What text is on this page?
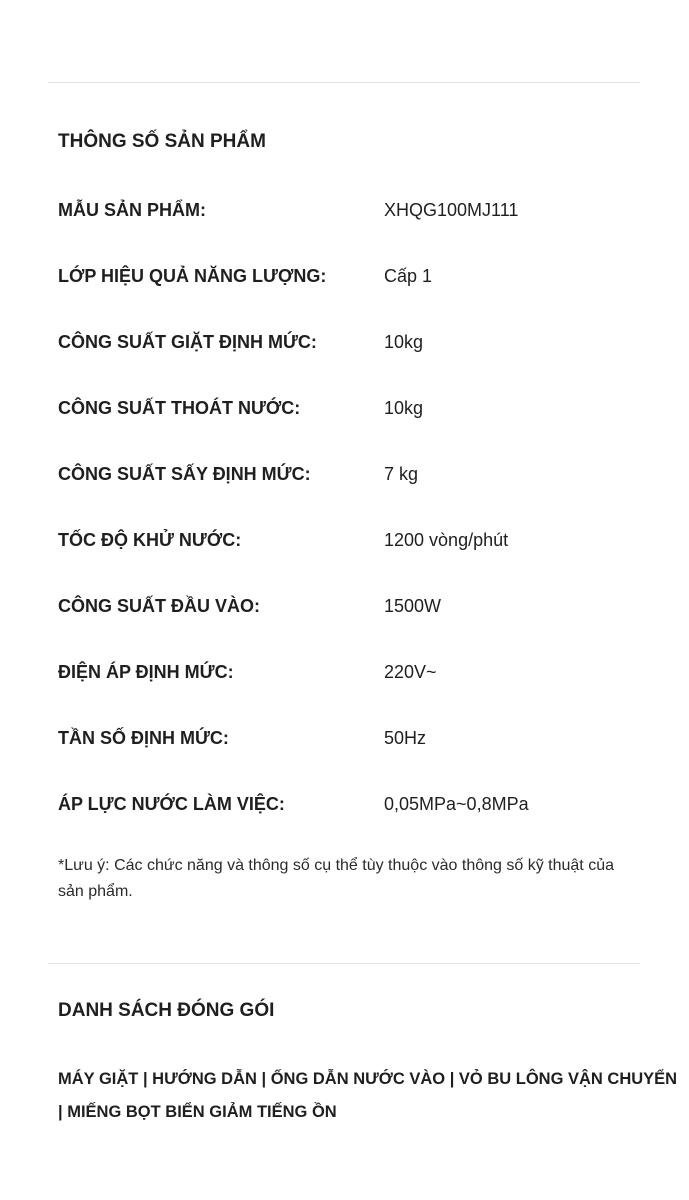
THÔNG SỐ SẢN PHẨM
MẪU SẢN PHẨM:	XHQG100MJ111
LỚP HIỆU QUẢ NĂNG LƯỢNG:	Cấp 1
CÔNG SUẤT GIẶT ĐỊNH MỨC:	10kg
CÔNG SUẤT THOÁT NƯỚC:	10kg
CÔNG SUẤT SẤY ĐỊNH MỨC:	7 kg
TỐC ĐỘ KHỬ NƯỚC:	1200 vòng/phút
CÔNG SUẤT ĐẦU VÀO:	1500W
ĐIỆN ÁP ĐỊNH MỨC:	220V~
TẦN SỐ ĐỊNH MỨC:	50Hz
ÁP LỰC NƯỚC LÀM VIỆC:	0,05MPa~0,8MPa
*Lưu ý: Các chức năng và thông số cụ thể tùy thuộc vào thông số kỹ thuật của sản phẩm.
DANH SÁCH ĐÓNG GÓI
MÁY GIẶT | HƯỚNG DẪN | ỐNG DẪN NƯỚC VÀO | VỎ BU LÔNG VẬN CHUYỂN | MIẾNG BỌT BIỂN GIẢM TIẾNG ỒN
